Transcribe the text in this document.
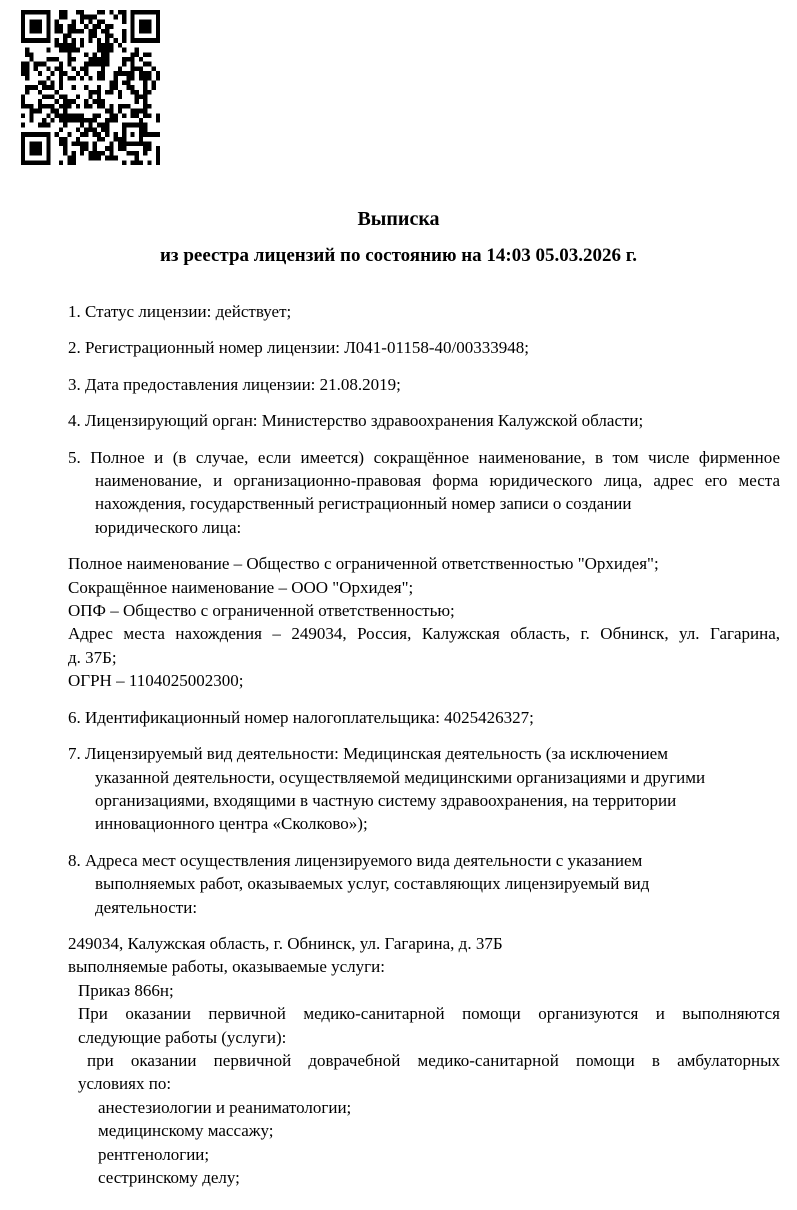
Выписка
из реестра лицензий по состоянию на 14:03 05.03.2026 г.
1. Статус лицензии: действует;
2. Регистрационный номер лицензии: Л041-01158-40/00333948;
3. Дата предоставления лицензии: 21.08.2019;
4. Лицензирующий орган: Министерство здравоохранения Калужской области;
5. Полное и (в случае, если имеется) сокращённое наименование, в том числе фирменное
наименование, и организационно-правовая форма юридического лица, адрес его места
нахождения, государственный регистрационный номер записи о создании
юридического лица:
Полное наименование – Общество с ограниченной ответственностью "Орхидея";
Сокращённое наименование – ООО "Орхидея";
ОПФ – Общество с ограниченной ответственностью;
Адрес места нахождения – 249034, Россия, Калужская область, г. Обнинск, ул. Гагарина,
д. 37Б;
ОГРН – 1104025002300;
6. Идентификационный номер налогоплательщика: 4025426327;
7. Лицензируемый вид деятельности: Медицинская деятельность (за исключением
указанной деятельности, осуществляемой медицинскими организациями и другими
организациями, входящими в частную систему здравоохранения, на территории
инновационного центра «Сколково»);
8. Адреса мест осуществления лицензируемого вида деятельности с указанием
выполняемых работ, оказываемых услуг, составляющих лицензируемый вид
деятельности:
249034, Калужская область, г. Обнинск, ул. Гагарина, д. 37Б
выполняемые работы, оказываемые услуги:
Приказ 866н;
При оказании первичной медико-санитарной помощи организуются и выполняются
следующие работы (услуги):
при оказании первичной доврачебной медико-санитарной помощи в амбулаторных
условиях по:
анестезиологии и реаниматологии;
медицинскому массажу;
рентгенологии;
сестринскому делу;
